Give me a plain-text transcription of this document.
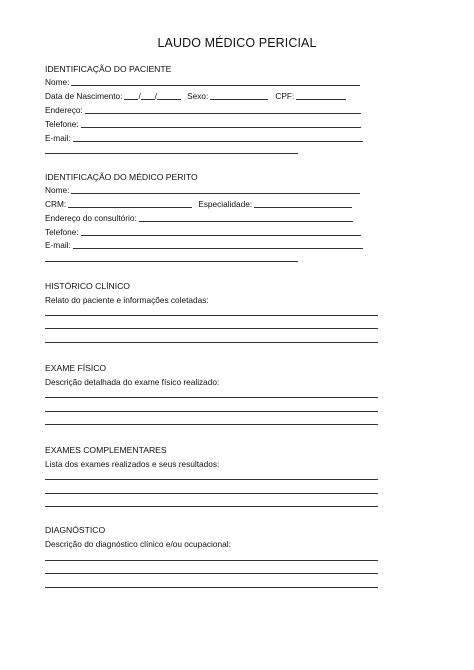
LAUDO MÉDICO PERICIAL
IDENTIFICAÇÃO DO PACIENTE
Nome:
Data de Nascimento: / /	Sexo:	CPF:
Endereço:
Telefone:
E-mail:
IDENTIFICAÇÃO DO MÉDICO PERITO
Nome:
CRM:	Especialidade:
Endereço do consultório:
Telefone:
E-mail:
HISTÓRICO CLÍNICO
Relato do paciente e informações coletadas:
EXAME FÍSICO
Descrição detalhada do exame físico realizado:
EXAMES COMPLEMENTARES
Lista dos exames realizados e seus resultados:
DIAGNÓSTICO
Descrição do diagnóstico clínico e/ou ocupacional:
